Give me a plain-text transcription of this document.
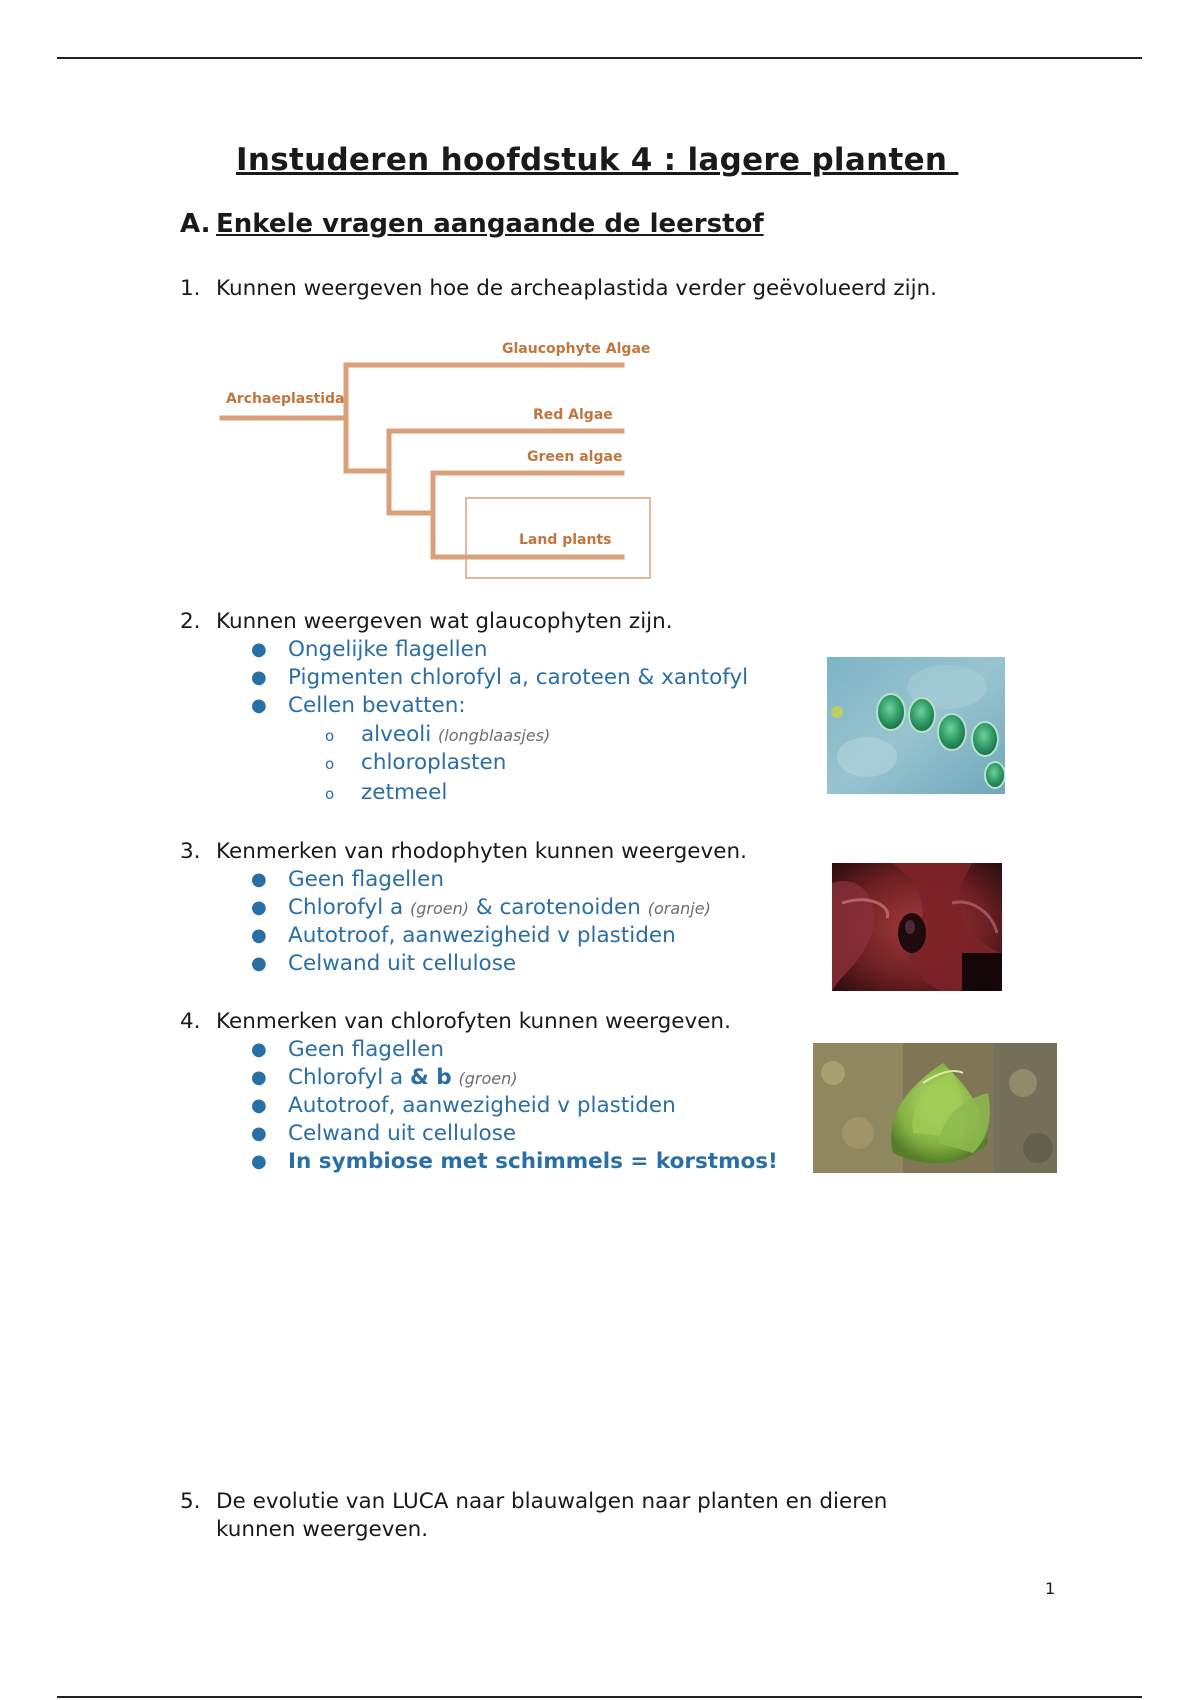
Instuderen hoofdstuk 4 : lagere planten
A. Enkele vragen aangaande de leerstof
1. Kunnen weergeven hoe de archeaplastida verder geëvolueerd zijn.
Archaeplastida
Glaucophyte Algae
Red Algae
Green algae
Land plants
2. Kunnen weergeven wat glaucophyten zijn.
● Ongelijke flagellen
● Pigmenten chlorofyl a, caroteen & xantofyl
● Cellen bevatten:
o alveoli (longblaasjes)
o chloroplasten
o zetmeel
3. Kenmerken van rhodophyten kunnen weergeven.
● Geen flagellen
● Chlorofyl a (groen) & carotenoiden (oranje)
● Autotroof, aanwezigheid v plastiden
● Celwand uit cellulose
4. Kenmerken van chlorofyten kunnen weergeven.
● Geen flagellen
● Chlorofyl a & b (groen)
● Autotroof, aanwezigheid v plastiden
● Celwand uit cellulose
● In symbiose met schimmels = korstmos!
5. De evolutie van LUCA naar blauwalgen naar planten en dieren
kunnen weergeven.
1
